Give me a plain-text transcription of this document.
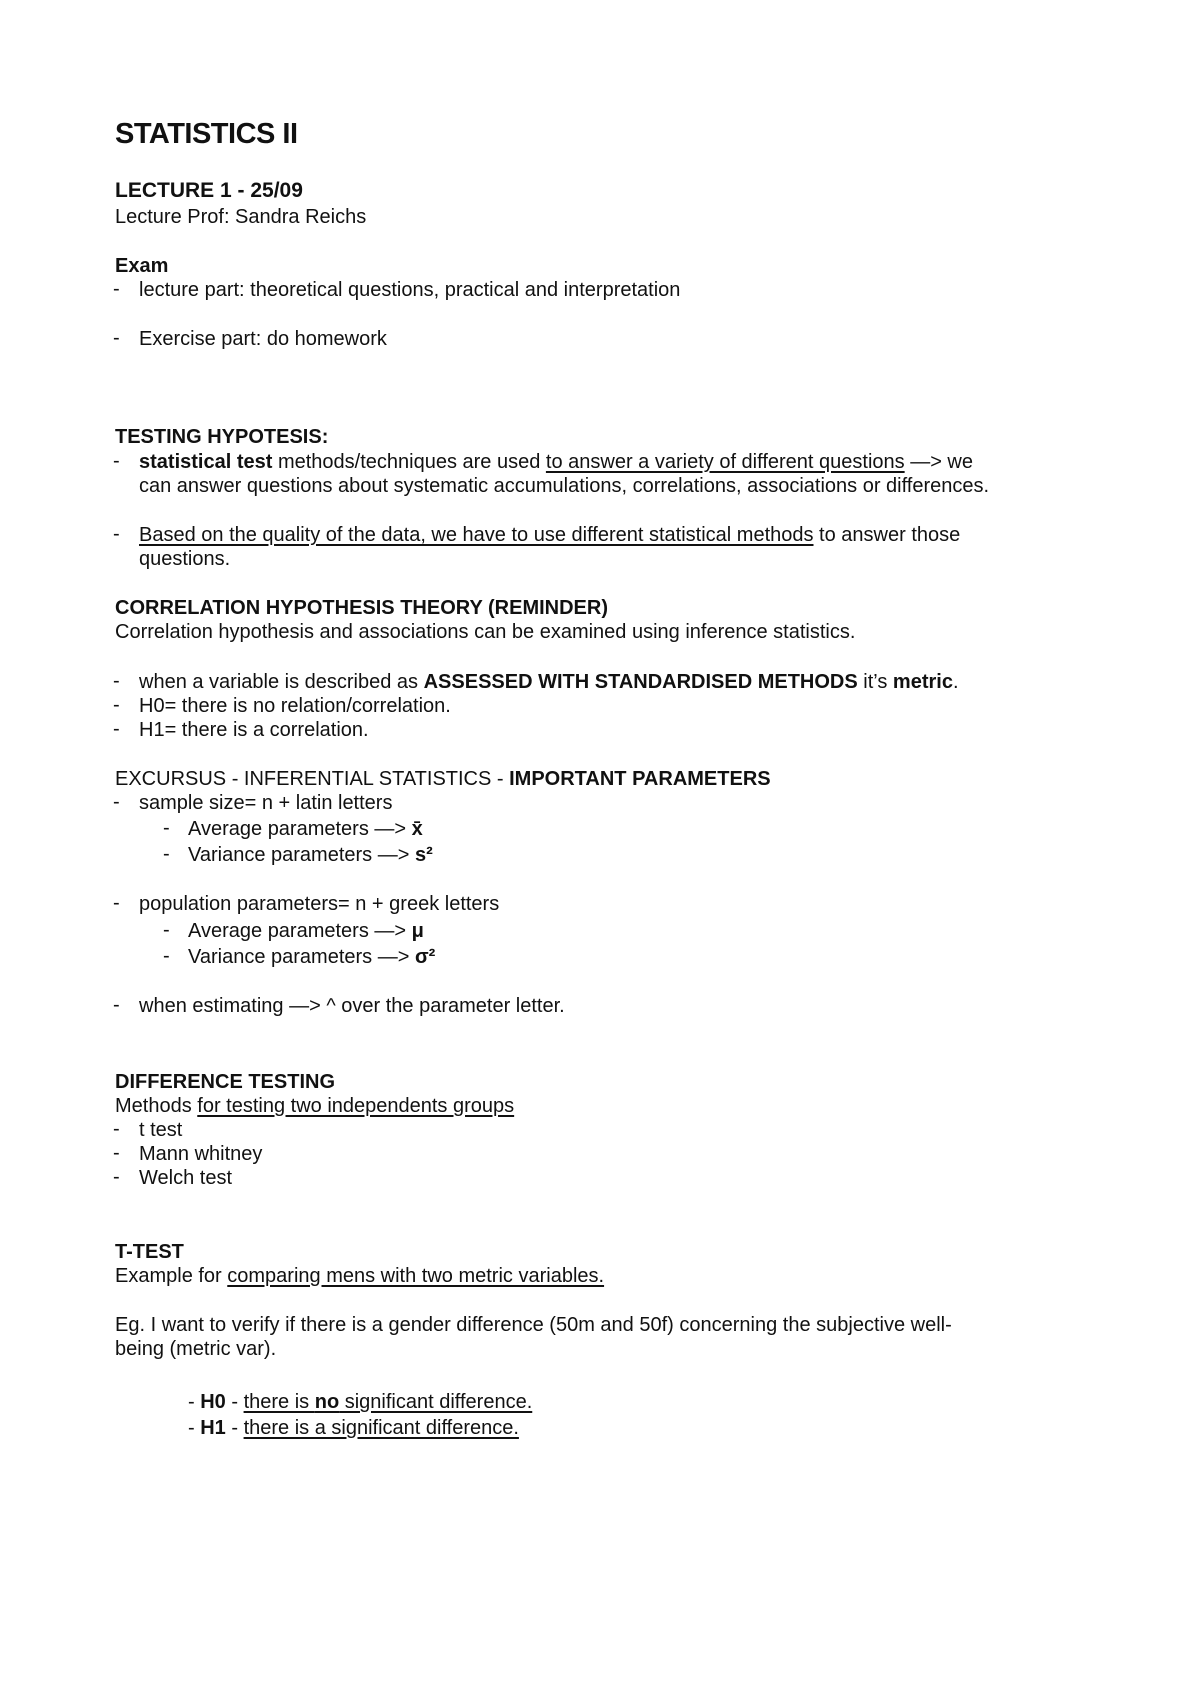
STATISTICS II
LECTURE 1 - 25/09
Lecture Prof: Sandra Reichs
Exam
- lecture part: theoretical questions, practical and interpretation
- Exercise part: do homework
TESTING HYPOTESIS:
- statistical test methods/techniques are used to answer a variety of different questions —> we
can answer questions about systematic accumulations, correlations, associations or differences.
- Based on the quality of the data, we have to use different statistical methods to answer those
questions.
CORRELATION HYPOTHESIS THEORY (REMINDER)
Correlation hypothesis and associations can be examined using inference statistics.
- when a variable is described as ASSESSED WITH STANDARDISED METHODS it’s metric.
- H0= there is no relation/correlation.
- H1= there is a correlation.
EXCURSUS - INFERENTIAL STATISTICS - IMPORTANT PARAMETERS
- sample size= n + latin letters
- Average parameters —> x̄
- Variance parameters —> s²
- population parameters= n + greek letters
- Average parameters —> μ
- Variance parameters —> σ²
- when estimating —> ^ over the parameter letter.
DIFFERENCE TESTING
Methods for testing two independents groups
- t test
- Mann whitney
- Welch test
T-TEST
Example for comparing mens with two metric variables.
Eg. I want to verify if there is a gender difference (50m and 50f) concerning the subjective well-
being (metric var).
- H0 - there is no significant difference.
- H1 - there is a significant difference.
